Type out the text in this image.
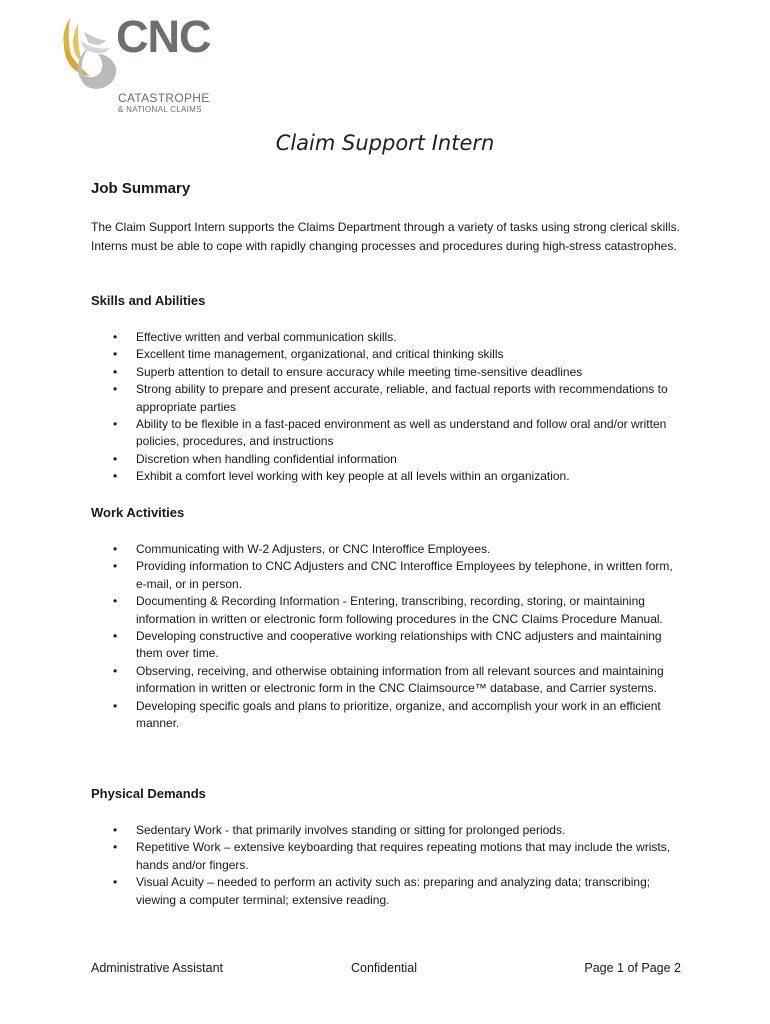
CNC
CATASTROPHE
& NATIONAL CLAIMS
Claim Support Intern
Job Summary
The Claim Support Intern supports the Claims Department through a variety of tasks using strong clerical skills. Interns must be able to cope with rapidly changing processes and procedures during high-stress catastrophes.
Skills and Abilities
• Effective written and verbal communication skills.
• Excellent time management, organizational, and critical thinking skills
• Superb attention to detail to ensure accuracy while meeting time-sensitive deadlines
• Strong ability to prepare and present accurate, reliable, and factual reports with recommendations to appropriate parties
• Ability to be flexible in a fast-paced environment as well as understand and follow oral and/or written policies, procedures, and instructions
• Discretion when handling confidential information
• Exhibit a comfort level working with key people at all levels within an organization.
Work Activities
• Communicating with W-2 Adjusters, or CNC Interoffice Employees.
• Providing information to CNC Adjusters and CNC Interoffice Employees by telephone, in written form, e-mail, or in person.
• Documenting & Recording Information - Entering, transcribing, recording, storing, or maintaining information in written or electronic form following procedures in the CNC Claims Procedure Manual.
• Developing constructive and cooperative working relationships with CNC adjusters and maintaining them over time.
• Observing, receiving, and otherwise obtaining information from all relevant sources and maintaining information in written or electronic form in the CNC Claimsource™ database, and Carrier systems.
• Developing specific goals and plans to prioritize, organize, and accomplish your work in an efficient manner.
Physical Demands
• Sedentary Work - that primarily involves standing or sitting for prolonged periods.
• Repetitive Work – extensive keyboarding that requires repeating motions that may include the wrists, hands and/or fingers.
• Visual Acuity – needed to perform an activity such as: preparing and analyzing data; transcribing; viewing a computer terminal; extensive reading.
Administrative Assistant	Confidential	Page 1 of Page 2
